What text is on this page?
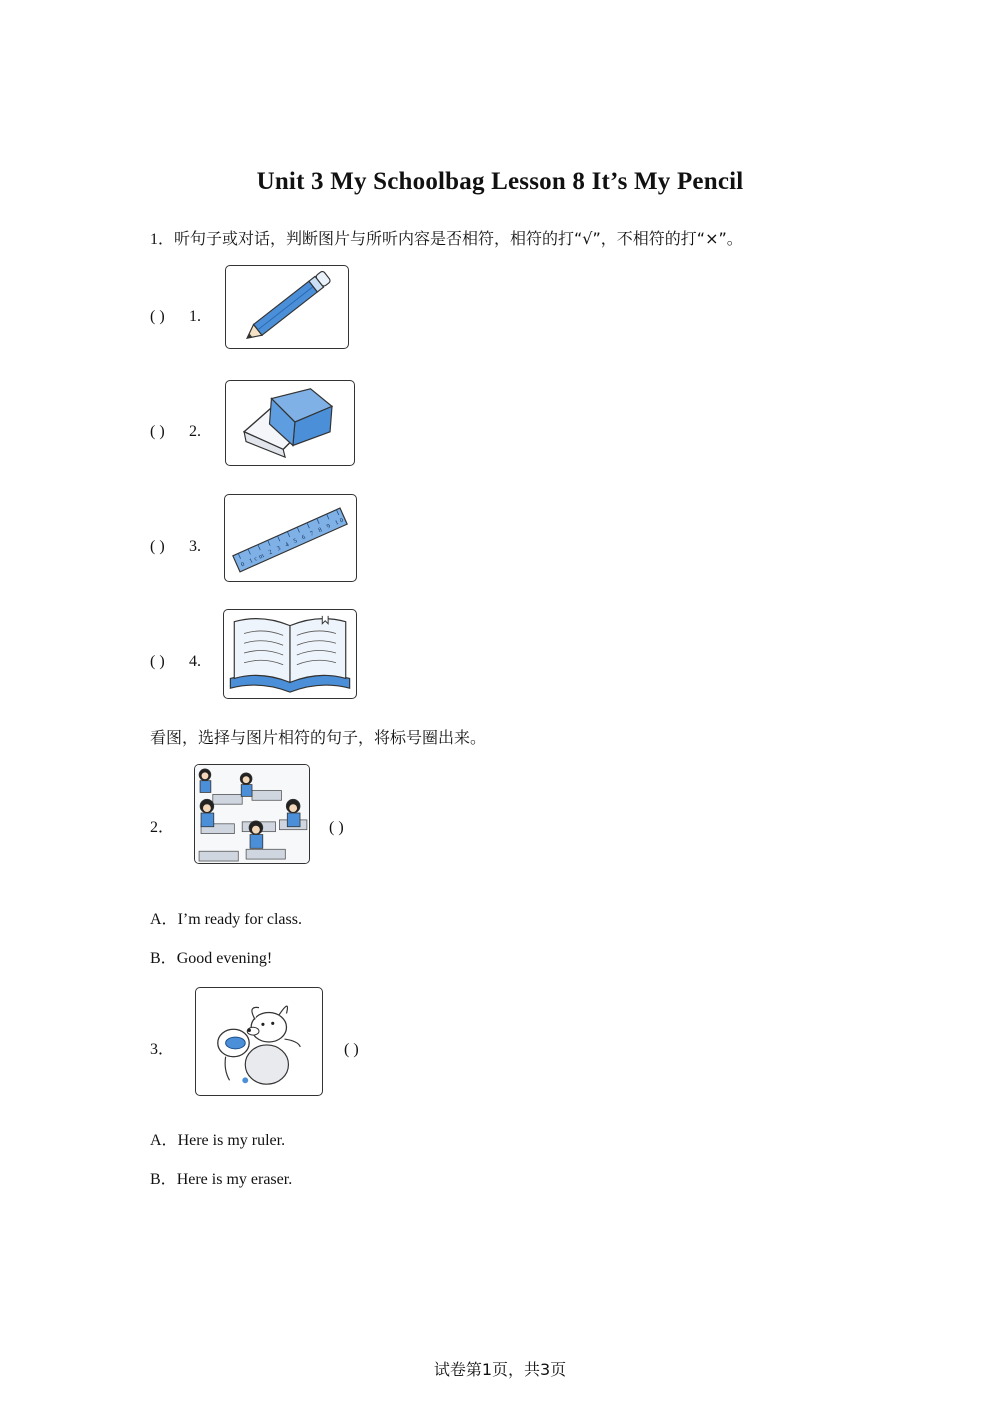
Unit 3 My Schoolbag Lesson 8 It’s My Pencil
1．听句子或对话，判断图片与所听内容是否相符，相符的打“√”，不相符的打“×”。
( ) 1.
( ) 2.
( ) 3.
0 1cm 2 3 4 5 6 7 8 9 10
( ) 4.
看图，选择与图片相符的句子，将标号圈出来。
2．	( )
A．I’m ready for class.
B．Good evening!
3．	( )
A．Here is my ruler.
B．Here is my eraser.
试卷第1页，共3页
